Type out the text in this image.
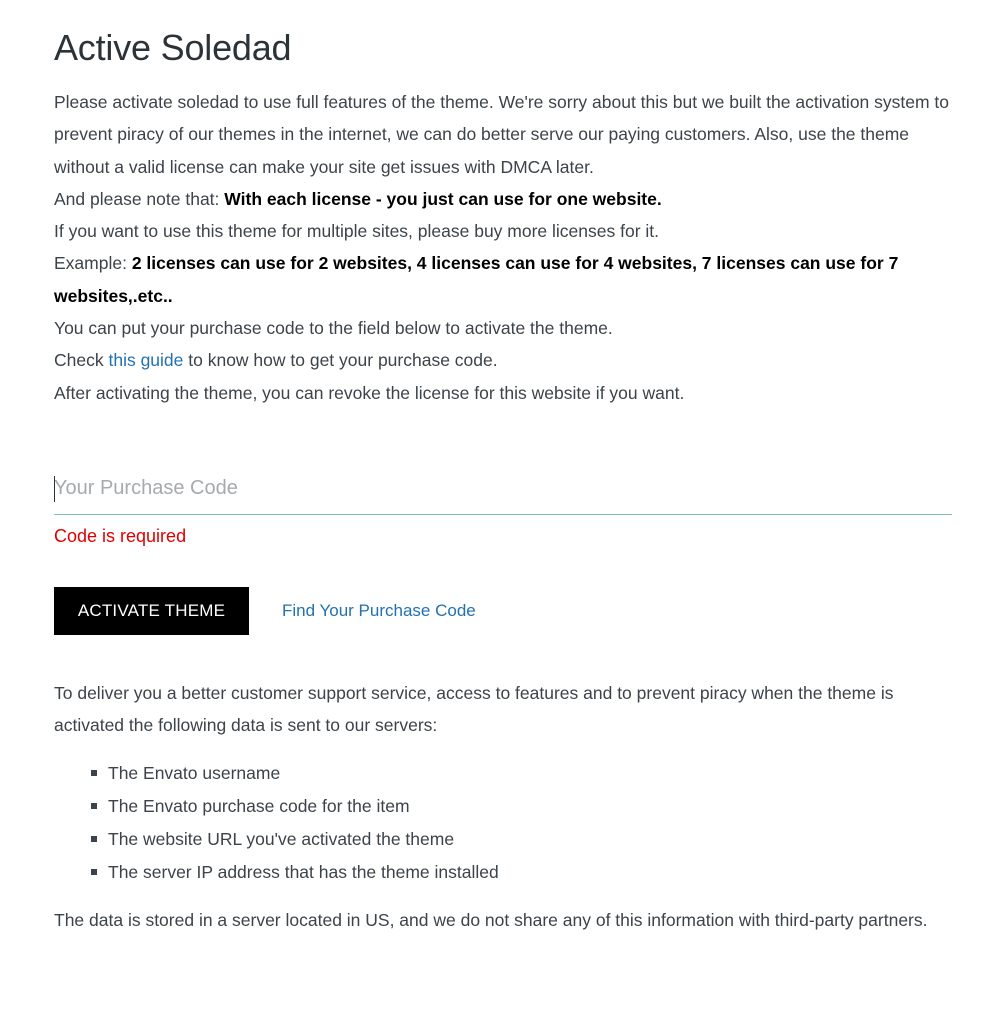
Active Soledad

Please activate soledad to use full features of the theme. We're sorry about this but we built the activation system to prevent piracy of our themes in the internet, we can do better serve our paying customers. Also, use the theme without a valid license can make your site get issues with DMCA later.

And please note that: With each license - you just can use for one website.

If you want to use this theme for multiple sites, please buy more licenses for it.

Example: 2 licenses can use for 2 websites, 4 licenses can use for 4 websites, 7 licenses can use for 7 websites,.etc..

You can put your purchase code to the field below to activate the theme.

Check this guide to know how to get your purchase code.

After activating the theme, you can revoke the license for this website if you want.

Your Purchase Code
Code is required
ACTIVATE THEME	Find Your Purchase Code

To deliver you a better customer support service, access to features and to prevent piracy when the theme is activated the following data is sent to our servers:

The Envato username
The Envato purchase code for the item
The website URL you've activated the theme
The server IP address that has the theme installed

The data is stored in a server located in US, and we do not share any of this information with third-party partners.
